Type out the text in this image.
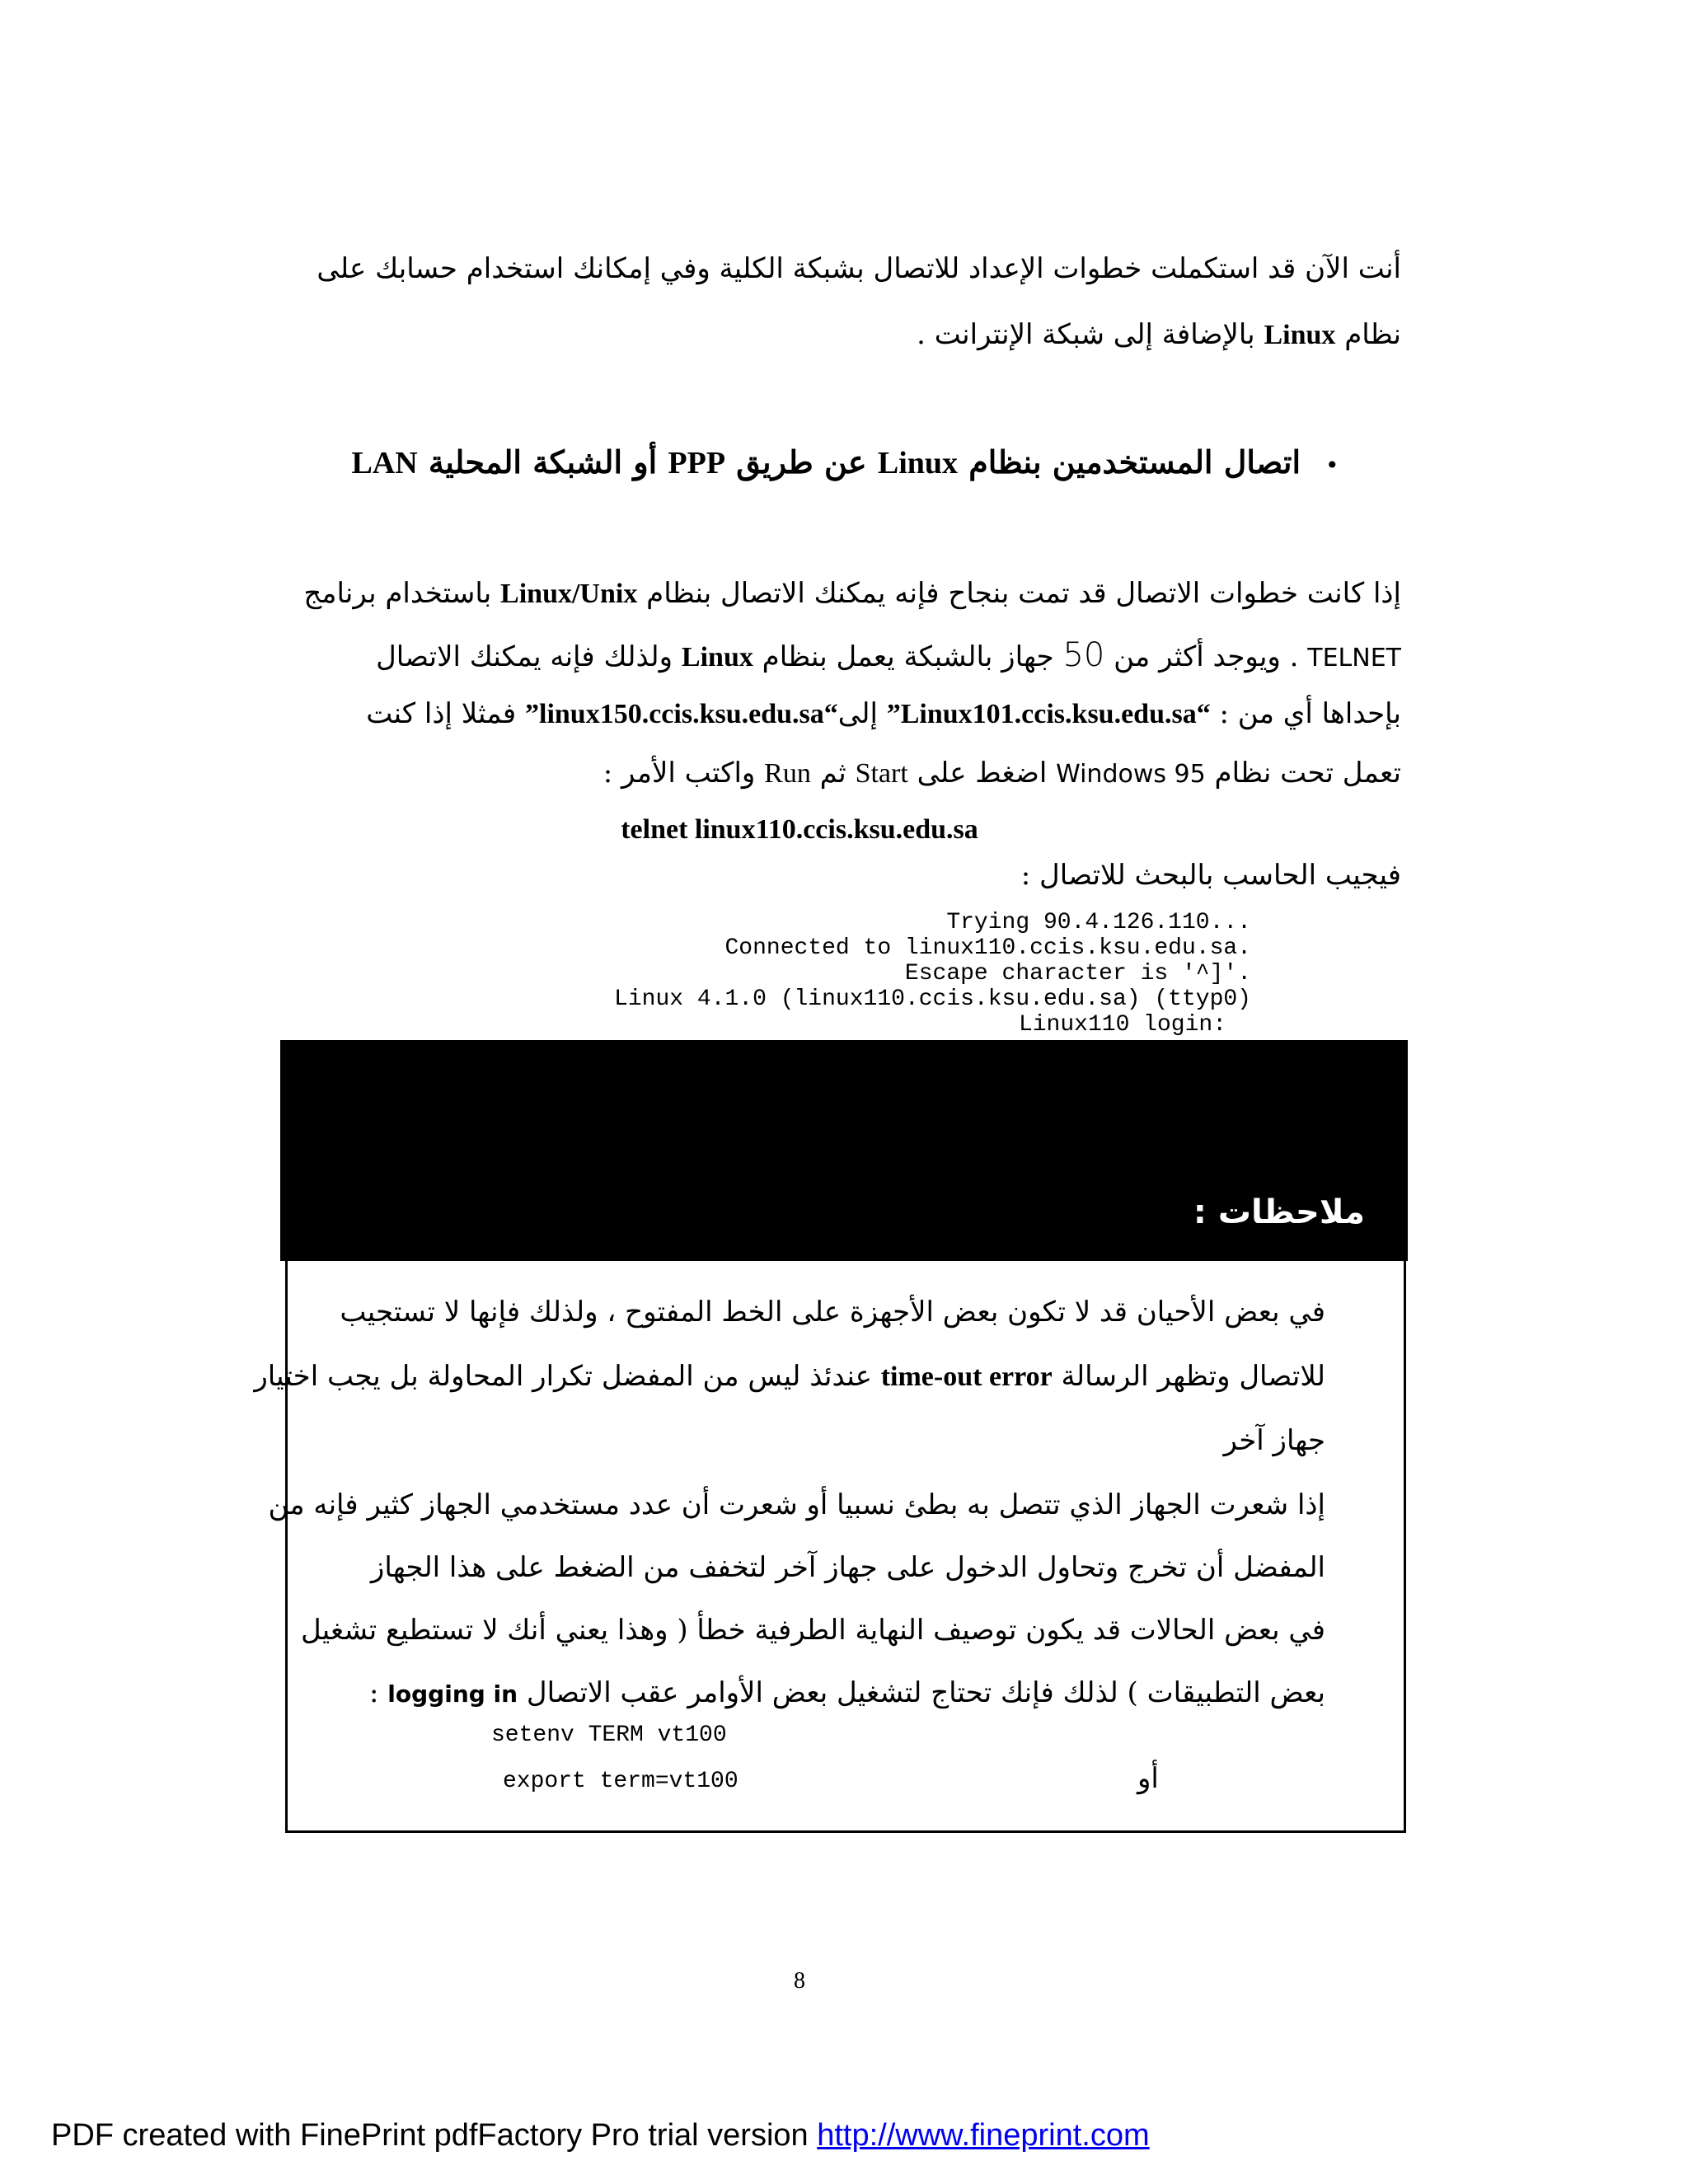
أنت الآن قد استكملت خطوات الإعداد للاتصال بشبكة الكلية وفي إمكانك استخدام حسابك على
نظام Linux بالإضافة إلى شبكة الإنترانت .
•
اتصال المستخدمين بنظام Linux عن طريق PPP أو الشبكة المحلية LAN
إذا كانت خطوات الاتصال قد تمت بنجاح فإنه يمكنك الاتصال بنظام Linux/Unix باستخدام برنامج
TELNET . ويوجد أكثر من 50 جهاز بالشبكة يعمل بنظام Linux ولذلك فإنه يمكنك الاتصال
بإحداها أي من : “Linux101.ccis.ksu.edu.sa” إلى“linux150.ccis.ksu.edu.sa” فمثلا إذا كنت
تعمل تحت نظام Windows 95 اضغط على Start ثم Run واكتب الأمر :
telnet linux110.ccis.ksu.edu.sa
فيجيب الحاسب بالبحث للاتصال :
Trying 90.4.126.110...
Connected to linux110.ccis.ksu.edu.sa.
Escape character is '^]'.
Linux 4.1.0 (linux110.ccis.ksu.edu.sa) (ttyp0)
Linux110 login:
ملاحظات :
في بعض الأحيان قد لا تكون بعض الأجهزة على الخط المفتوح ، ولذلك فإنها لا تستجيب
للاتصال وتظهر الرسالة time-out error عندئذ ليس من المفضل تكرار المحاولة بل يجب اختيار
جهاز آخر
إذا شعرت الجهاز الذي تتصل به بطئ نسبيا أو شعرت أن عدد مستخدمي الجهاز كثير فإنه من
المفضل أن تخرج وتحاول الدخول على جهاز آخر لتخفف من الضغط على هذا الجهاز
في بعض الحالات قد يكون توصيف النهاية الطرفية خطأ ( وهذا يعني أنك لا تستطيع تشغيل
بعض التطبيقات ) لذلك فإنك تحتاج لتشغيل بعض الأوامر عقب الاتصال logging in :
setenv TERM vt100
export term=vt100	أو
8
PDF created with FinePrint pdfFactory Pro trial version http://www.fineprint.com
